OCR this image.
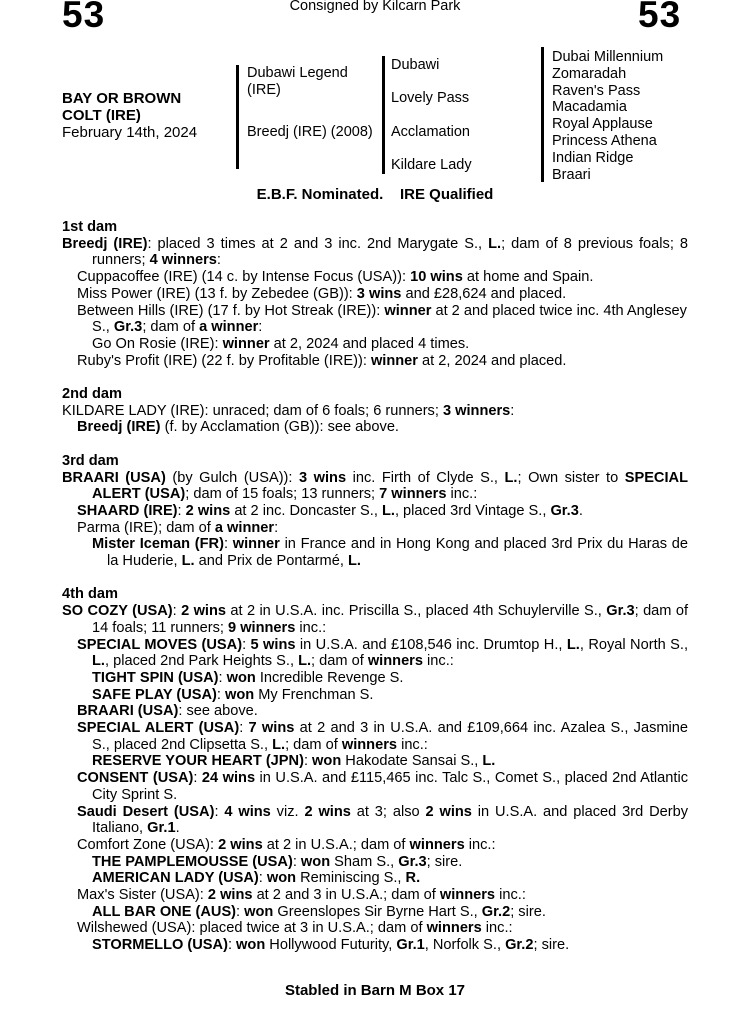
53	Consigned by Kilcarn Park	53
BAY OR BROWN
COLT (IRE)
February 14th, 2024
Dubawi Legend (IRE)
Breedj (IRE) (2008)
Dubawi
Lovely Pass
Acclamation
Kildare Lady
Dubai Millennium
Zomaradah
Raven's Pass
Macadamia
Royal Applause
Princess Athena
Indian Ridge
Braari
E.B.F. Nominated. IRE Qualified

1st dam

Breedj (IRE): placed 3 times at 2 and 3 inc. 2nd Marygate S., L.; dam of 8 previous foals; 8 runners; 4 winners:

Cuppacoffee (IRE) (14 c. by Intense Focus (USA)): 10 wins at home and Spain.

Miss Power (IRE) (13 f. by Zebedee (GB)): 3 wins and £28,624 and placed.

Between Hills (IRE) (17 f. by Hot Streak (IRE)): winner at 2 and placed twice inc. 4th Anglesey S., Gr.3; dam of a winner:

Go On Rosie (IRE): winner at 2, 2024 and placed 4 times.

Ruby's Profit (IRE) (22 f. by Profitable (IRE)): winner at 2, 2024 and placed.

2nd dam

KILDARE LADY (IRE): unraced; dam of 6 foals; 6 runners; 3 winners:

Breedj (IRE) (f. by Acclamation (GB)): see above.

3rd dam

BRAARI (USA) (by Gulch (USA)): 3 wins inc. Firth of Clyde S., L.; Own sister to SPECIAL ALERT (USA); dam of 15 foals; 13 runners; 7 winners inc.:

SHAARD (IRE): 2 wins at 2 inc. Doncaster S., L., placed 3rd Vintage S., Gr.3.

Parma (IRE); dam of a winner:

Mister Iceman (FR): winner in France and in Hong Kong and placed 3rd Prix du Haras de la Huderie, L. and Prix de Pontarmé, L.

4th dam

SO COZY (USA): 2 wins at 2 in U.S.A. inc. Priscilla S., placed 4th Schuylerville S., Gr.3; dam of 14 foals; 11 runners; 9 winners inc.:

SPECIAL MOVES (USA): 5 wins in U.S.A. and £108,546 inc. Drumtop H., L., Royal North S., L., placed 2nd Park Heights S., L.; dam of winners inc.:

TIGHT SPIN (USA): won Incredible Revenge S.

SAFE PLAY (USA): won My Frenchman S.

BRAARI (USA): see above.

SPECIAL ALERT (USA): 7 wins at 2 and 3 in U.S.A. and £109,664 inc. Azalea S., Jasmine S., placed 2nd Clipsetta S., L.; dam of winners inc.:

RESERVE YOUR HEART (JPN): won Hakodate Sansai S., L.

CONSENT (USA): 24 wins in U.S.A. and £115,465 inc. Talc S., Comet S., placed 2nd Atlantic City Sprint S.

Saudi Desert (USA): 4 wins viz. 2 wins at 3; also 2 wins in U.S.A. and placed 3rd Derby Italiano, Gr.1.

Comfort Zone (USA): 2 wins at 2 in U.S.A.; dam of winners inc.:

THE PAMPLEMOUSSE (USA): won Sham S., Gr.3; sire.

AMERICAN LADY (USA): won Reminiscing S., R.

Max's Sister (USA): 2 wins at 2 and 3 in U.S.A.; dam of winners inc.:

ALL BAR ONE (AUS): won Greenslopes Sir Byrne Hart S., Gr.2; sire.

Wilshewed (USA): placed twice at 3 in U.S.A.; dam of winners inc.:

STORMELLO (USA): won Hollywood Futurity, Gr.1, Norfolk S., Gr.2; sire.

Stabled in Barn M Box 17
